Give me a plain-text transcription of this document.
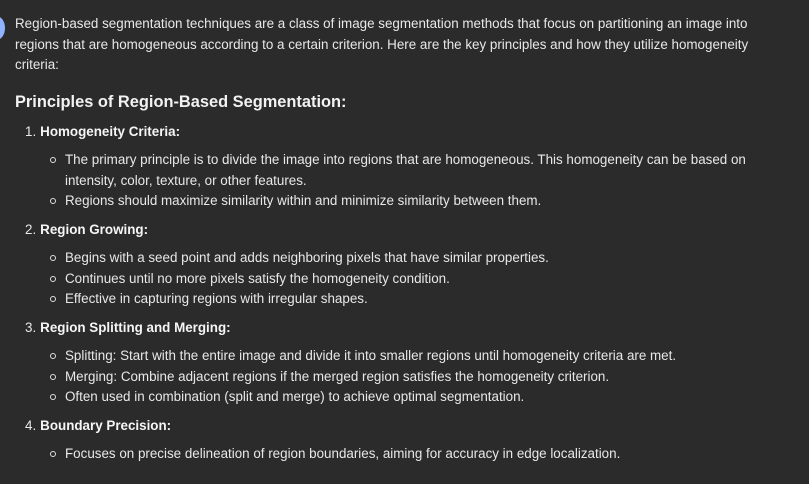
Region-based segmentation techniques are a class of image segmentation methods that focus on partitioning an image into regions that are homogeneous according to a certain criterion. Here are the key principles and how they utilize homogeneity criteria:

Principles of Region-Based Segmentation:
1. Homogeneity Criteria:
The primary principle is to divide the image into regions that are homogeneous. This homogeneity can be based on intensity, color, texture, or other features.
Regions should maximize similarity within and minimize similarity between them.
2. Region Growing:
Begins with a seed point and adds neighboring pixels that have similar properties.
Continues until no more pixels satisfy the homogeneity condition.
Effective in capturing regions with irregular shapes.
3. Region Splitting and Merging:
Splitting: Start with the entire image and divide it into smaller regions until homogeneity criteria are met.
Merging: Combine adjacent regions if the merged region satisfies the homogeneity criterion.
Often used in combination (split and merge) to achieve optimal segmentation.
4. Boundary Precision:
Focuses on precise delineation of region boundaries, aiming for accuracy in edge localization.
